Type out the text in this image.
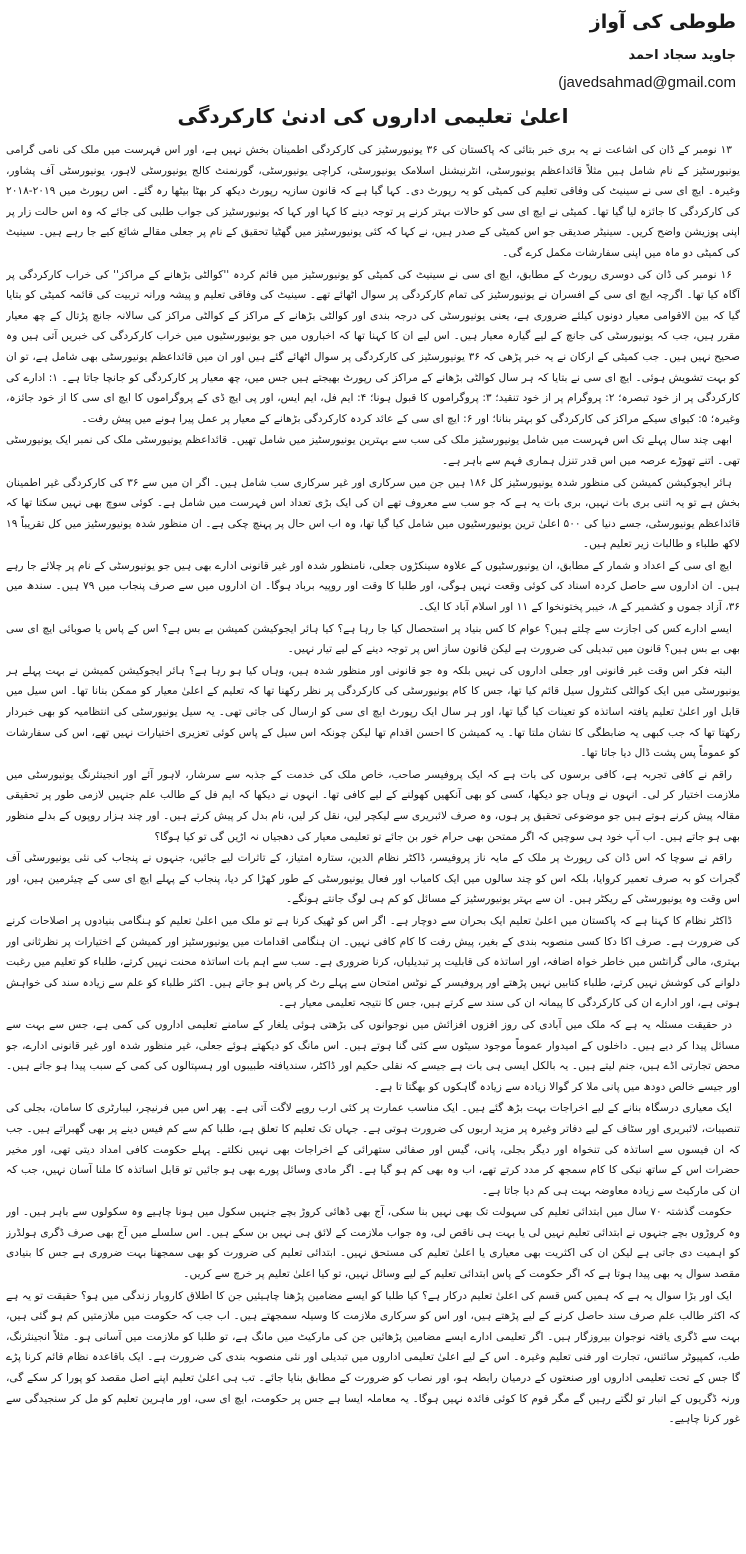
طوطی کی آواز
جاوید سجاد احمد
(javedsahmad@gmail.com
اعلیٰ تعلیمی اداروں کی ادنیٰ کارکردگی

۱۳ نومبر کے ڈان کی اشاعت نے یہ بری خبر بتائی کہ پاکستان کی ۳۶ یونیورسٹیز کی کارکردگی اطمینان بخش نہیں ہے، اور اس فہرست میں ملک کی نامی گرامی یونیورسٹیز کے نام شامل ہیں مثلاً قائداعظم یونیورسٹی، انٹرنیشنل اسلامک یونیورسٹی، کراچی یونیورسٹی، گورنمنٹ کالج یونیورسٹی لاہور، یونیورسٹی آف پشاور، وغیرہ۔ ایچ ای سی نے سینیٹ کی وفاقی تعلیم کی کمیٹی کو یہ رپورٹ دی۔ کہا گیا ہے کہ قانون سازیہ رپورٹ دیکھ کر بھٹا بیٹھا رہ گئے۔ اس رپورٹ میں ۲۰۱۹-۲۰۱۸ کی کارکردگی کا جائزہ لیا گیا تھا۔ کمیٹی نے ایچ ای سی کو حالات بہتر کرنے پر توجہ دینے کا کہا اور کہا کہ یونیورسٹیز کی جواب طلبی کی جائے کہ وہ اس حالت زار پر اپنی پوزیشن واضح کریں۔ سینیٹر صدیقی جو اس کمیٹی کے صدر ہیں، نے کہا کہ کئی یونیورسٹیز میں گھٹیا تحقیق کے نام پر جعلی مقالے شائع کیے جا رہے ہیں۔ سینیٹ کی کمیٹی دو ماہ میں اپنی سفارشات مکمل کرے گی۔

۱۶ نومبر کی ڈان کی دوسری رپورٹ کے مطابق، ایچ ای سی نے سینیٹ کی کمیٹی کو یونیورسٹیز میں قائم کردہ ''کوالٹی بڑھانے کے مراکز'' کی خراب کارکردگی پر آگاہ کیا تھا۔ اگرچہ ایچ ای سی کے افسران نے یونیورسٹیز کی تمام کارکردگی پر سوال اٹھائے تھے۔ سینیٹ کی وفاقی تعلیم و پیشہ ورانہ تربیت کی قائمہ کمیٹی کو بتایا گیا کہ بین الاقوامی معیار دونوں کیلئے ضروری ہے، یعنی یونیورسٹی کی درجہ بندی اور کوالٹی بڑھانے کے مراکز کے کوالٹی مراکز کی سالانہ جانچ پڑتال کے چھ معیار مقرر ہیں، جب کہ یونیورسٹی کی جانچ کے لیے گیارہ معیار ہیں۔ اس لیے ان کا کہنا تھا کہ اخباروں میں جو یونیورسٹیوں میں خراب کارکردگی کی خبریں آتی ہیں وہ صحیح نہیں ہیں۔ جب کمیٹی کے ارکان نے یہ خبر پڑھی کہ ۳۶ یونیورسٹیز کی کارکردگی پر سوال اٹھائے گئے ہیں اور ان میں قائداعظم یونیورسٹی بھی شامل ہے، تو ان کو بہت تشویش ہوئی۔ ایچ ای سی نے بتایا کہ ہر سال کوالٹی بڑھانے کے مراکز کی رپورٹ بھیجتے ہیں جس میں، چھ معیار پر کارکردگی کو جانچا جاتا ہے۔ ۱: ادارے کی کارکردگی پر از خود تبصرہ؛ ۲: پروگرام پر از خود تنقید؛ ۳: پروگراموں کا قبول ہونا؛ ۴: ایم فل، ایم ایس، اور پی ایچ ڈی کے پروگراموں کا ایچ ای سی کا از خود جائزہ، وغیرہ؛ ۵: کیوای سیکے مراکز کی کارکردگی کو بہتر بنانا؛ اور ۶: ایچ ای سی کے عائد کردہ کارکردگی بڑھانے کے معیار پر عمل پیرا ہونے میں پیش رفت۔

ابھی چند سال پہلے تک اس فہرست میں شامل یونیورسٹیز ملک کی سب سے بہترین یونیورسٹیز میں شامل تھیں۔ قائداعظم یونیورسٹی ملک کی نمبر ایک یونیورسٹی تھی۔ اتنے تھوڑے عرصہ میں اس قدر تنزل ہماری فہم سے باہر ہے۔

ہائر ایجوکیشن کمیشن کی منظور شدہ یونیورسٹیز کل ۱۸۶ ہیں جن میں سرکاری اور غیر سرکاری سب شامل ہیں۔ اگر ان میں سے ۳۶ کی کارکردگی غیر اطمینان بخش ہے تو یہ اتنی بری بات نہیں، بری بات یہ ہے کہ جو سب سے معروف تھے ان کی ایک بڑی تعداد اس فہرست میں شامل ہے۔ کوئی سوچ بھی نہیں سکتا تھا کہ قائداعظم یونیورسٹی، جسے دنیا کی ۵۰۰ اعلیٰ ترین یونیورسٹیوں میں شامل کیا گیا تھا، وہ اب اس حال پر پہنچ چکی ہے۔ ان منظور شدہ یونیورسٹیز میں کل تقریباً ۱۹ لاکھ طلباء و طالبات زیر تعلیم ہیں۔

ایچ ای سی کے اعداد و شمار کے مطابق، ان یونیورسٹیوں کے علاوہ سینکڑوں جعلی، نامنظور شدہ اور غیر قانونی ادارے بھی ہیں جو یونیورسٹی کے نام پر چلائے جا رہے ہیں۔ ان اداروں سے حاصل کردہ اسناد کی کوئی وقعت نہیں ہوگی، اور طلبا کا وقت اور روپیہ برباد ہوگا۔ ان اداروں میں سے صرف پنجاب میں ۷۹ ہیں۔ سندھ میں ۳۶، آزاد جموں و کشمیر کے ۸، خیبر پختونخوا کے ۱۱ اور اسلام آباد کا ایک۔

ایسے ادارے کس کی اجازت سے چلتے ہیں؟ عوام کا کس بنیاد پر استحصال کیا جا رہا ہے؟ کیا ہائر ایجوکیشن کمیشن بے بس ہے؟ اس کے پاس یا صوبائی ایچ ای سی بھی بے بس ہیں؟ قانون میں تبدیلی کی ضرورت ہے لیکن قانون ساز اس پر توجہ دینے کے لیے تیار نہیں۔

البتہ فکر اس وقت غیر قانونی اور جعلی اداروں کی نہیں بلکہ وہ جو قانونی اور منظور شدہ ہیں، وہاں کیا ہو رہا ہے؟ ہائر ایجوکیشن کمیشن نے بہت پہلے ہر یونیورسٹی میں ایک کوالٹی کنٹرول سیل قائم کیا تھا، جس کا کام یونیورسٹی کی کارکردگی پر نظر رکھنا تھا کہ تعلیم کے اعلیٰ معیار کو ممکن بنانا تھا۔ اس سیل میں قابل اور اعلیٰ تعلیم یافتہ اساتذہ کو تعینات کیا گیا تھا، اور ہر سال ایک رپورٹ ایچ ای سی کو ارسال کی جاتی تھی۔ یہ سیل یونیورسٹی کی انتظامیہ کو بھی خبردار رکھتا تھا کہ جب کبھی یہ ضابطگی کا نشان ملتا تھا۔ یہ کمیشن کا احسن اقدام تھا لیکن چونکہ اس سیل کے پاس کوئی تعزیری اختیارات نہیں تھے، اس کی سفارشات کو عموماً پس پشت ڈال دیا جاتا تھا۔

راقم نے کافی تجربہ ہے، کافی برسوں کی بات ہے کہ ایک پروفیسر صاحب، خاص ملک کی خدمت کے جذبہ سے سرشار، لاہور آئے اور انجینئرنگ یونیورسٹی میں ملازمت اختیار کر لی۔ انہوں نے وہاں جو دیکھا، کسی کو بھی آنکھیں کھولنے کے لیے کافی تھا۔ انہوں نے دیکھا کہ ایم فل کے طالب علم جنہیں لازمی طور پر تحقیقی مقالہ پیش کرنے ہوتے ہیں جو موضوعی تحقیق پر ہوں، وہ صرف لائبریری سے لیکچر لیں، نقل کر لیں، نام بدل کر پیش کرتے ہیں۔ اور چند ہزار روپوں کے بدلے منظور بھی ہو جاتے ہیں۔ اب آپ خود ہی سوچیں کہ اگر ممتحن بھی حرام خور بن جائے تو تعلیمی معیار کی دھجیاں نہ اڑیں گی تو کیا ہوگا؟

راقم نے سوچا کہ اس ڈان کی رپورٹ پر ملک کے مایہ ناز پروفیسر، ڈاکٹر نظام الدین، ستارہ امتیاز، کے تاثرات لیے جائیں، جنہوں نے پنجاب کی نئی یونیورسٹی آف گجرات کو بہ صرف تعمیر کروایا، بلکہ اس کو چند سالوں میں ایک کامیاب اور فعال یونیورسٹی کے طور کھڑا کر دیا، پنجاب کے پہلے ایچ ای سی کے چیئرمین ہیں، اور اس وقت وہ یونیورسٹی کے ریکٹر ہیں۔ ان سے بہتر یونیورسٹیز کے مسائل کو کم ہی لوگ جانتے ہونگے۔

ڈاکٹر نظام کا کہنا ہے کہ پاکستان میں اعلیٰ تعلیم ایک بحران سے دوچار ہے۔ اگر اس کو ٹھیک کرنا ہے تو ملک میں اعلیٰ تعلیم کو ہنگامی بنیادوں پر اصلاحات کرنے کی ضرورت ہے۔ صرف اکا دکا کسی منصوبہ بندی کے بغیر، پیش رفت کا کام کافی نہیں۔ ان ہنگامی اقدامات میں یونیورسٹیز اور کمیشن کے اختیارات پر نظرثانی اور بہتری، مالی گرانٹس میں خاطر خواہ اضافہ، اور اساتذہ کی قابلیت پر تبدیلیاں، کرنا ضروری ہے۔ سب سے اہم بات اساتذہ محنت نہیں کرتے، طلباء کو تعلیم میں رغبت دلوانے کی کوشش نہیں کرتے، طلباء کتابیں نہیں پڑھتے اور پروفیسر کے نوٹس امتحان سے پہلے رٹ کر پاس ہو جاتے ہیں۔ اکثر طلباء کو علم سے زیادہ سند کی خواہش ہوتی ہے، اور ادارے ان کی کارکردگی کا پیمانہ ان کی سند سے کرتے ہیں، جس کا نتیجہ تعلیمی معیار ہے۔

در حقیقت مسئلہ یہ ہے کہ ملک میں آبادی کی روز افزوں افزائش میں نوجوانوں کی بڑھتی ہوئی یلغار کے سامنے تعلیمی اداروں کی کمی ہے، جس سے بہت سے مسائل پیدا کر دیے ہیں۔ داخلوں کے امیدوار عموماً موجود سیٹوں سے کئی گنا ہوتے ہیں۔ اس مانگ کو دیکھتے ہوئے جعلی، غیر منظور شدہ اور غیر قانونی ادارے، جو محض تجارتی اڈے ہیں، جنم لیتے ہیں۔ یہ بالکل ایسی ہی بات ہے جیسے کہ نقلی حکیم اور ڈاکٹر، سندیافتہ طبیبوں اور ہسپتالوں کی کمی کے سبب پیدا ہو جاتے ہیں۔ اور جیسے خالص دودھ میں پانی ملا کر گوالا زیادہ سے زیادہ گاہکوں کو بھگتا تا ہے۔

ایک معیاری درسگاہ بنانے کے لیے اخراجات بہت بڑھ گئے ہیں۔ ایک مناسب عمارت پر کئی ارب روپے لاگت آتی ہے۔ پھر اس میں فرنیچر، لیبارٹری کا سامان، بجلی کی تنصیبات، لائبریری اور سٹاف کے لیے دفاتر وغیرہ پر مزید اربوں کی ضرورت ہوتی ہے۔ جہاں تک تعلیم کا تعلق ہے، طلبا کم سے کم فیس دینے پر بھی گھبراتے ہیں۔ جب کہ ان فیسوں سے اساتذہ کی تنخواہ اور دیگر بجلی، پانی، گیس اور صفائی ستھرائی کے اخراجات بھی نہیں نکلتے۔ پہلے حکومت کافی امداد دیتی تھی، اور مخیر حضرات اس کے ساتھ نیکی کا کام سمجھ کر مدد کرتے تھے، اب وہ بھی کم ہو گیا ہے۔ اگر مادی وسائل پورے بھی ہو جائیں تو قابل اساتذہ کا ملنا آسان نہیں، جب کہ ان کی مارکیٹ سے زیادہ معاوضہ بہت ہی کم دیا جاتا ہے۔

حکومت گذشتہ ۷۰ سال میں ابتدائی تعلیم کی سہولت تک بھی نہیں بنا سکی، آج بھی ڈھائی کروڑ بچے جنہیں سکول میں ہونا چاہیے وہ سکولوں سے باہر ہیں۔ اور وہ کروڑوں بچے جنہوں نے ابتدائی تعلیم نہیں لی یا بہت ہی ناقص لی، وہ جواب ملازمت کے لائق ہی نہیں بن سکے ہیں۔ اس سلسلے میں آج بھی صرف ڈگری ہولڈرز کو اہمیت دی جاتی ہے لیکن ان کی اکثریت بھی معیاری یا اعلیٰ تعلیم کی مستحق نہیں۔ ابتدائی تعلیم کی ضرورت کو بھی سمجھنا بہت ضروری ہے جس کا بنیادی مقصد سوال یہ بھی پیدا ہوتا ہے کہ اگر حکومت کے پاس ابتدائی تعلیم کے لیے وسائل نہیں، تو کیا اعلیٰ تعلیم پر خرچ سے کریں۔

ایک اور بڑا سوال یہ ہے کہ ہمیں کس قسم کی اعلیٰ تعلیم درکار ہے؟ کیا طلبا کو ایسے مضامین پڑھنا چاہیئیں جن کا اطلاق کاروبار زندگی میں ہو؟ حقیقت تو یہ ہے کہ اکثر طالب علم صرف سند حاصل کرنے کے لیے پڑھتے ہیں، اور اس کو سرکاری ملازمت کا وسیلہ سمجھتے ہیں۔ اب جب کہ حکومت میں ملازمتیں کم ہو گئی ہیں، بہت سے ڈگری یافتہ نوجوان بیروزگار ہیں۔ اگر تعلیمی ادارے ایسے مضامین پڑھائیں جن کی مارکیٹ میں مانگ ہے، تو طلبا کو ملازمت میں آسانی ہو۔ مثلاً انجینئرنگ، طب، کمپیوٹر سائنس، تجارت اور فنی تعلیم وغیرہ۔ اس کے لیے اعلیٰ تعلیمی اداروں میں تبدیلی اور نئی منصوبہ بندی کی ضرورت ہے۔ ایک باقاعدہ نظام قائم کرنا پڑے گا جس کے تحت تعلیمی اداروں اور صنعتوں کے درمیان رابطہ ہو، اور نصاب کو ضرورت کے مطابق بنایا جائے۔ تب ہی اعلیٰ تعلیم اپنے اصل مقصد کو پورا کر سکے گی، ورنہ ڈگریوں کے انبار تو لگتے رہیں گے مگر قوم کا کوئی فائدہ نہیں ہوگا۔ یہ معاملہ ایسا ہے جس پر حکومت، ایچ ای سی، اور ماہرین تعلیم کو مل کر سنجیدگی سے غور کرنا چاہیے۔
